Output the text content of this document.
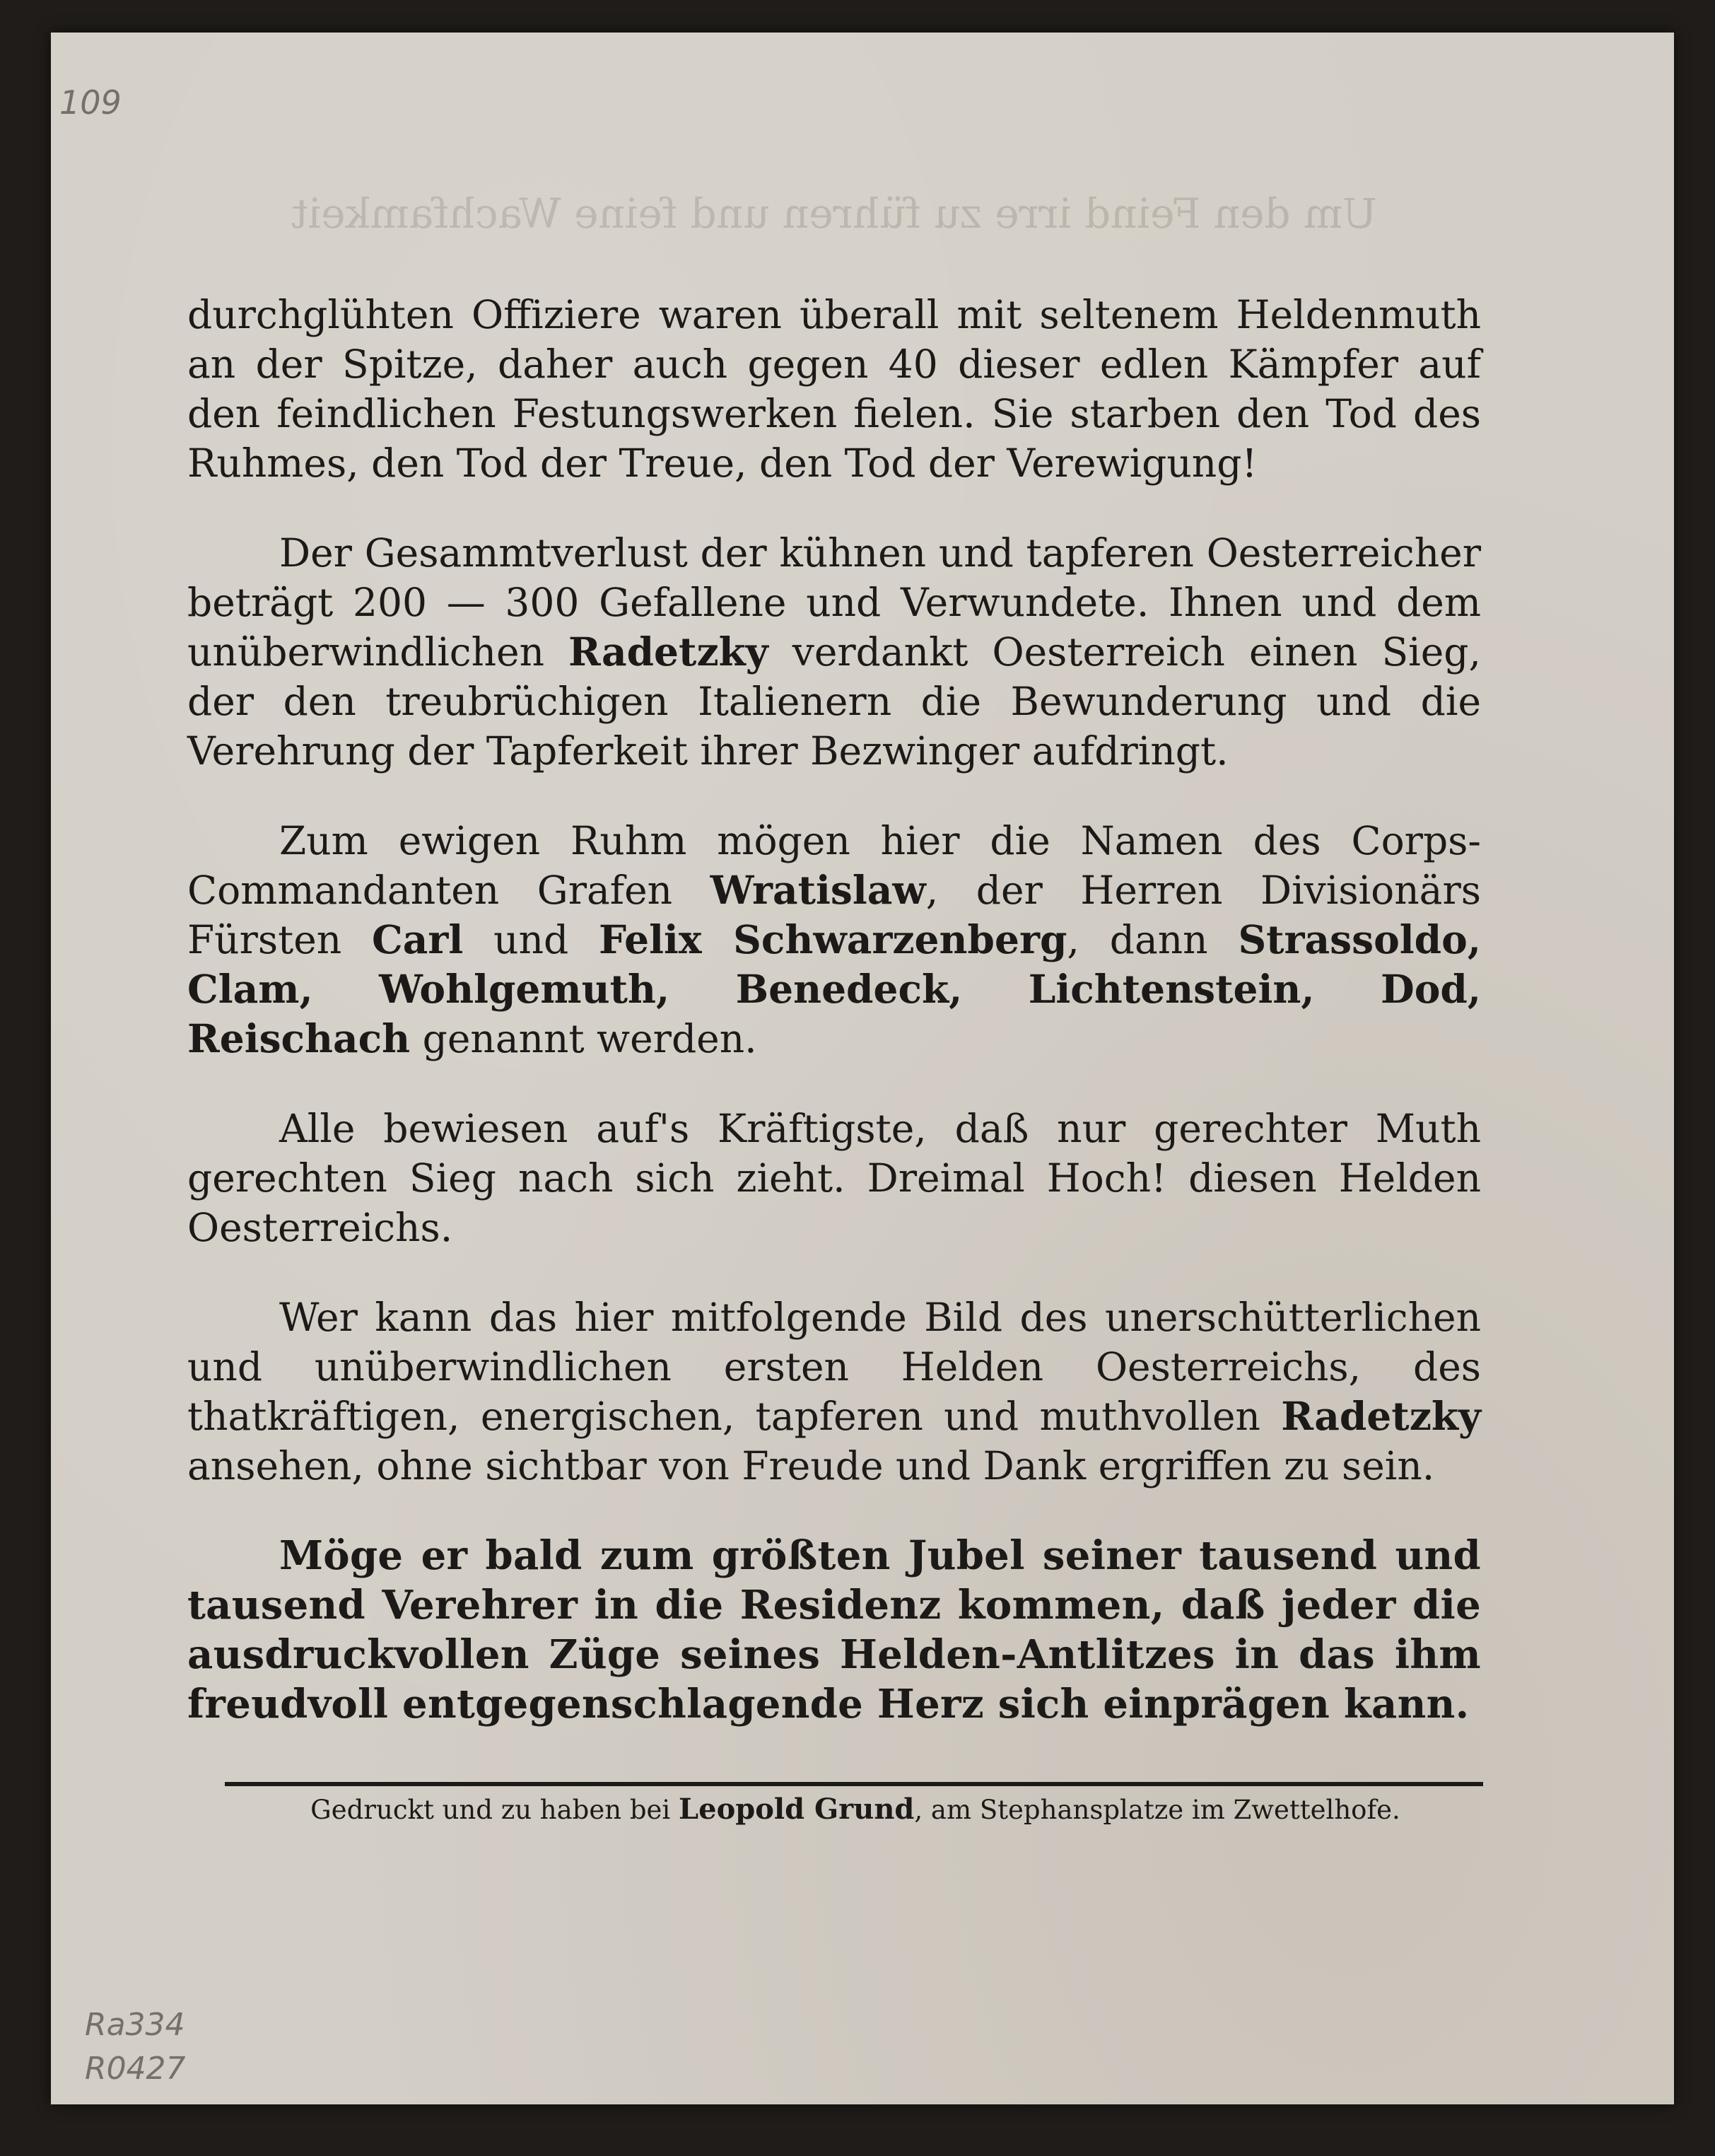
Um den Feind irre zu führen und feine Wachfamkeit
109
Ra334
R0427

durchglühten Offiziere waren überall mit seltenem Heldenmuth an der Spitze, daher auch gegen 40 dieser edlen Kämpfer auf den feindlichen Festungswerken fielen. Sie starben den Tod des Ruhmes, den Tod der Treue, den Tod der Verewigung!

Der Gesammtverlust der kühnen und tapferen Oesterreicher beträgt 200 — 300 Gefallene und Verwundete. Ihnen und dem unüberwindlichen Radetzky verdankt Oesterreich einen Sieg, der den treubrüchigen Italienern die Bewunderung und die Verehrung der Tapferkeit ihrer Bezwinger aufdringt.

Zum ewigen Ruhm mögen hier die Namen des Corps-Commandanten Grafen Wratislaw, der Herren Divisionärs Fürsten Carl und Felix Schwarzenberg, dann Strassoldo, Clam, Wohlgemuth, Benedeck, Lichtenstein, Dod, Reischach genannt werden.

Alle bewiesen auf's Kräftigste, daß nur gerechter Muth gerechten Sieg nach sich zieht. Dreimal Hoch! diesen Helden Oesterreichs.

Wer kann das hier mitfolgende Bild des unerschütterlichen und unüberwindlichen ersten Helden Oesterreichs, des thatkräftigen, energischen, tapferen und muthvollen Radetzky ansehen, ohne sichtbar von Freude und Dank ergriffen zu sein.

Möge er bald zum größten Jubel seiner tausend und tausend Verehrer in die Residenz kommen, daß jeder die ausdruckvollen Züge seines Helden-Antlitzes in das ihm freudvoll entgegenschlagende Herz sich einprägen kann.

Gedruckt und zu haben bei Leopold Grund, am Stephansplatze im Zwettelhofe.
